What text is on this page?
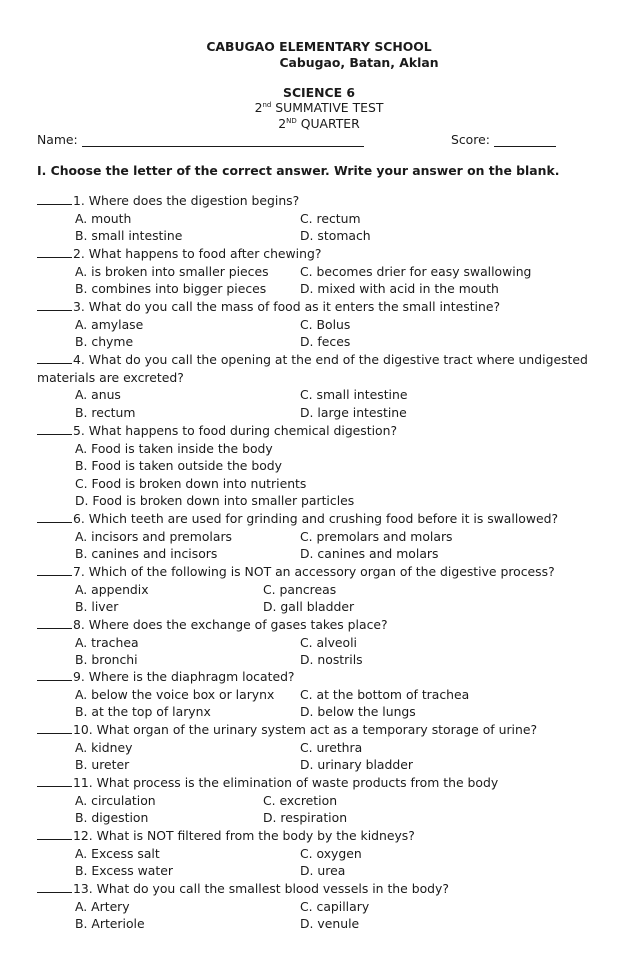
CABUGAO ELEMENTARY SCHOOL
Cabugao, Batan, Aklan
SCIENCE 6
2nd SUMMATIVE TEST
2ND QUARTER
Name:	Score:
I. Choose the letter of the correct answer. Write your answer on the blank.
1. Where does the digestion begins?
A. mouth	C. rectum
B. small intestine	D. stomach
2. What happens to food after chewing?
A. is broken into smaller pieces	C. becomes drier for easy swallowing
B. combines into bigger pieces	D. mixed with acid in the mouth
3. What do you call the mass of food as it enters the small intestine?
A. amylase	C. Bolus
B. chyme	D. feces
4. What do you call the opening at the end of the digestive tract where undigested
materials are excreted?
A. anus	C. small intestine
B. rectum	D. large intestine
5. What happens to food during chemical digestion?
A. Food is taken inside the body
B. Food is taken outside the body
C. Food is broken down into nutrients
D. Food is broken down into smaller particles
6. Which teeth are used for grinding and crushing food before it is swallowed?
A. incisors and premolars	C. premolars and molars
B. canines and incisors	D. canines and molars
7. Which of the following is NOT an accessory organ of the digestive process?
A. appendix	C. pancreas
B. liver	D. gall bladder
8. Where does the exchange of gases takes place?
A. trachea	C. alveoli
B. bronchi	D. nostrils
9. Where is the diaphragm located?
A. below the voice box or larynx C. at the bottom of trachea
B. at the top of larynx	D. below the lungs
10. What organ of the urinary system act as a temporary storage of urine?
A. kidney	C. urethra
B. ureter	D. urinary bladder
11. What process is the elimination of waste products from the body
A. circulation	C. excretion
B. digestion	D. respiration
12. What is NOT filtered from the body by the kidneys?
A. Excess salt	C. oxygen
B. Excess water	D. urea
13. What do you call the smallest blood vessels in the body?
A. Artery	C. capillary
B. Arteriole	D. venule
